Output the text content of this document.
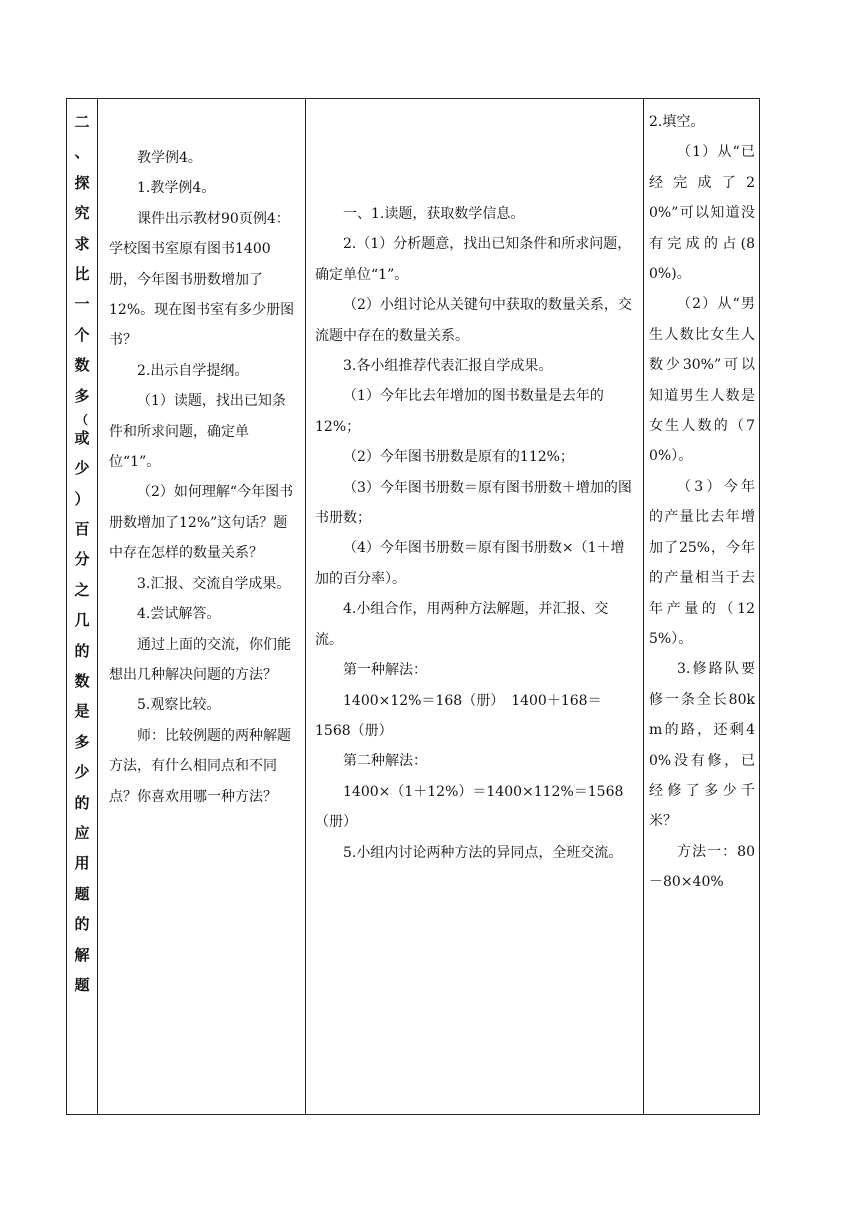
二
、
探
究
求
比
一
个
数
多
（
或
少
）
百
分
之
几
的
数
是
多
少
的
应
用
题
的
解
题

教学例4。

1.教学例4。

课件出示教材90页例4：学校图书室原有图书1400册，今年图书册数增加了12%。现在图书室有多少册图书？

2.出示自学提纲。

（1）读题，找出已知条件和所求问题，确定单位“1”。

（2）如何理解“今年图书册数增加了12%”这句话？题中存在怎样的数量关系？

3.汇报、交流自学成果。

4.尝试解答。

通过上面的交流，你们能想出几种解决问题的方法？

5.观察比较。

师：比较例题的两种解题方法，有什么相同点和不同点？你喜欢用哪一种方法？

一、1.读题，获取数学信息。

2.（1）分析题意，找出已知条件和所求问题，确定单位“1”。

（2）小组讨论从关键句中获取的数量关系，交流题中存在的数量关系。

3.各小组推荐代表汇报自学成果。

（1）今年比去年增加的图书数量是去年的12%；

（2）今年图书册数是原有的112%；

（3）今年图书册数＝原有图书册数＋增加的图书册数；

（4）今年图书册数＝原有图书册数×（1＋增加的百分率）。

4.小组合作，用两种方法解题，并汇报、交流。

第一种解法：

1400×12%＝168（册）　1400＋168＝1568（册）

第二种解法：

1400×（1＋12%）＝1400×112%＝1568（册）

5.小组内讨论两种方法的异同点，全班交流。

2.填空。

（1）从“已经完成了20%”可以知道没有完成的占(80%)。

（2）从“男生人数比女生人数少30%”可以知道男生人数是女生人数的（70%）。

（3）今年的产量比去年增加了25%，今年的产量相当于去年产量的（125%）。

3.修路队要修一条全长80km的路，还剩40%没有修，已经修了多少千米？

方法一：80－80×40%
